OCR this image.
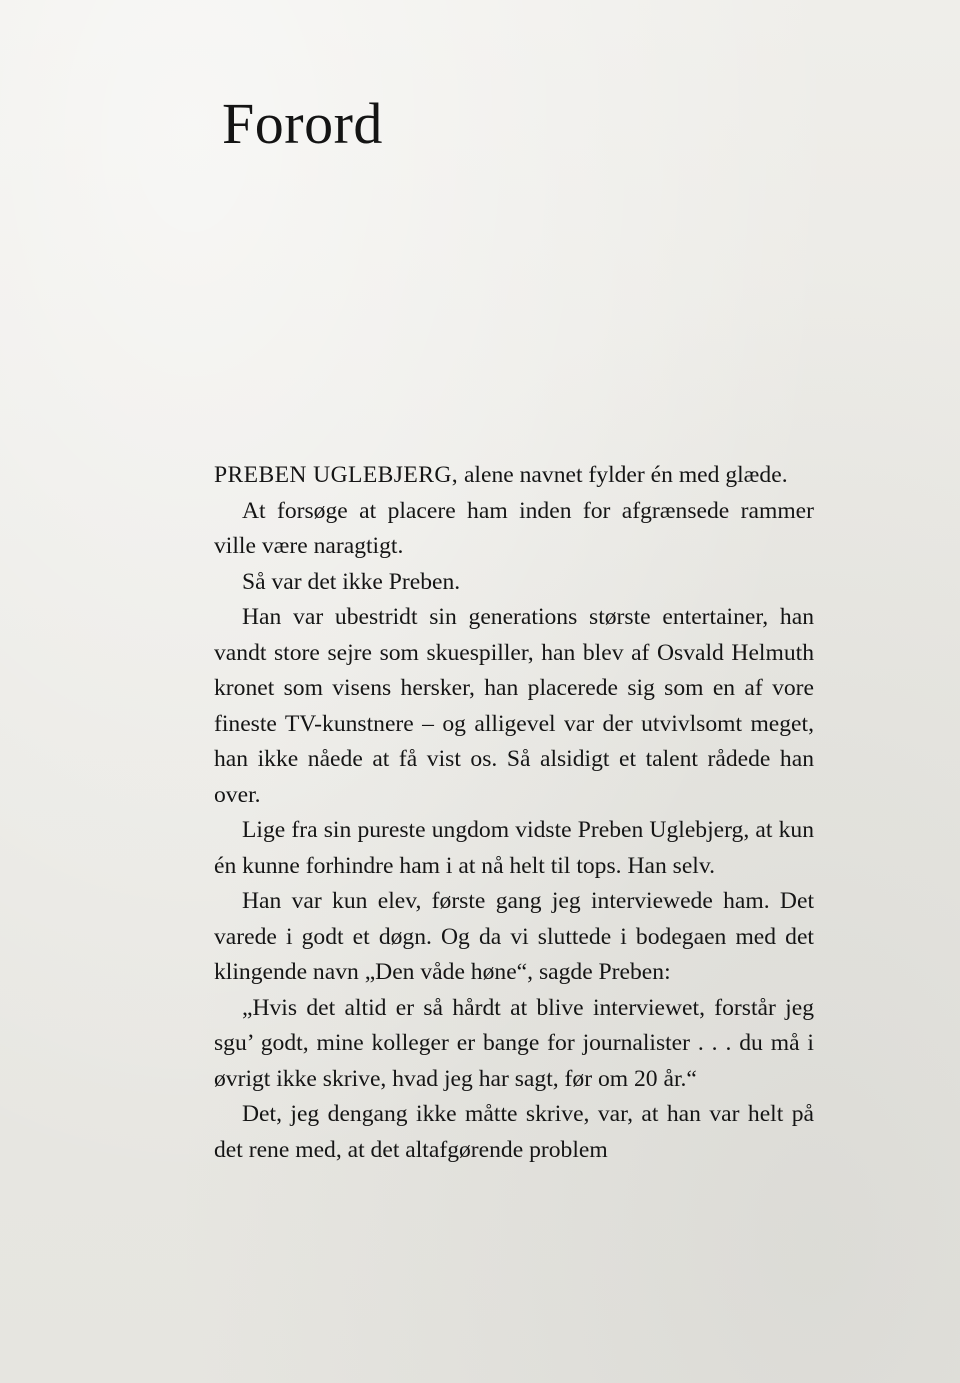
Forord

PREBEN UGLEBJERG, alene navnet fylder én med glæde.

At forsøge at placere ham inden for afgrænsede rammer ville være naragtigt.

Så var det ikke Preben.

Han var ubestridt sin generations største entertainer, han vandt store sejre som skuespiller, han blev af Osvald Helmuth kronet som visens hersker, han placerede sig som en af vore fineste TV-kunstnere – og alligevel var der utvivlsomt meget, han ikke nåede at få vist os. Så alsidigt et talent rådede han over.

Lige fra sin pureste ungdom vidste Preben Uglebjerg, at kun én kunne forhindre ham i at nå helt til tops. Han selv.

Han var kun elev, første gang jeg interviewede ham. Det varede i godt et døgn. Og da vi sluttede i bodegaen med det klingende navn „Den våde høne“, sagde Preben:

„Hvis det altid er så hårdt at blive interviewet, forstår jeg sgu’ godt, mine kolleger er bange for journalister . . . du må i øvrigt ikke skrive, hvad jeg har sagt, før om 20 år.“

Det, jeg dengang ikke måtte skrive, var, at han var helt på det rene med, at det altafgørende problem
